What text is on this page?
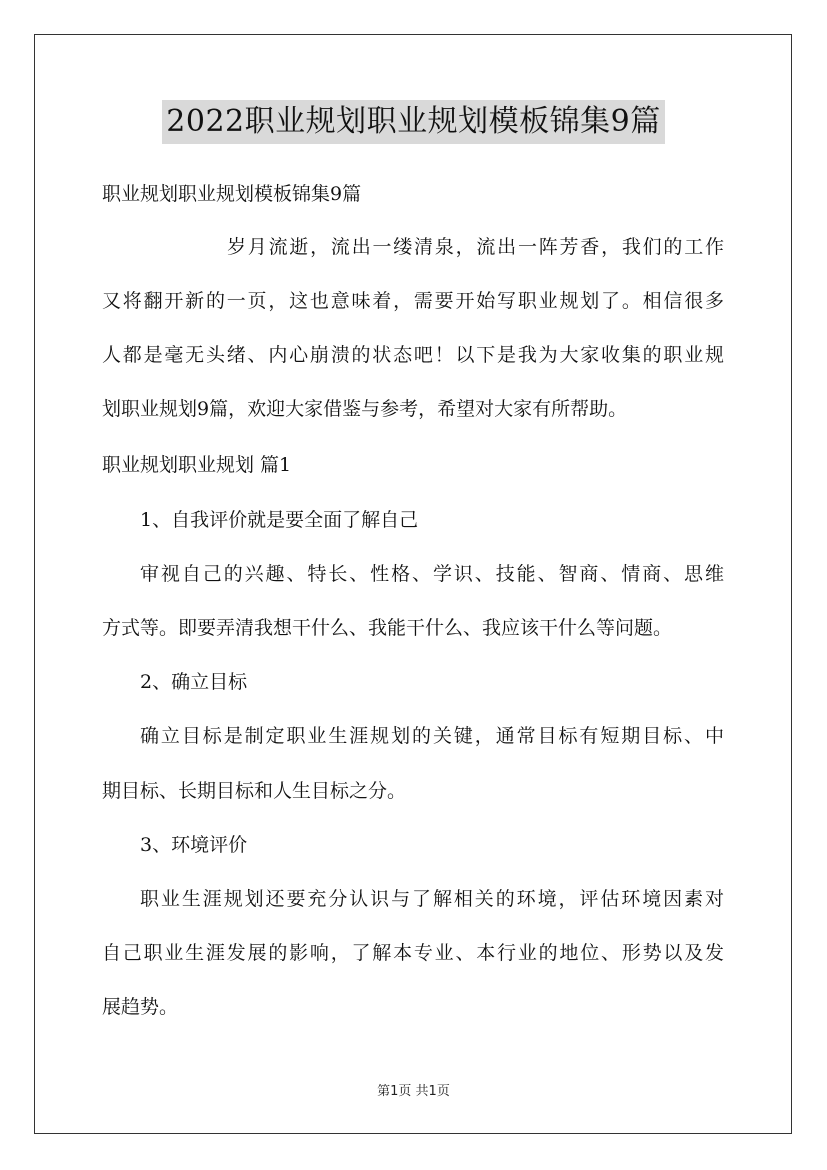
2022职业规划职业规划模板锦集9篇

职业规划职业规划模板锦集9篇

岁月流逝，流出一缕清泉，流出一阵芳香，我们的工作

又将翻开新的一页，这也意味着，需要开始写职业规划了。相信很多

人都是毫无头绪、内心崩溃的状态吧！以下是我为大家收集的职业规

划职业规划9篇，欢迎大家借鉴与参考，希望对大家有所帮助。

职业规划职业规划 篇1

1、自我评价就是要全面了解自己

审视自己的兴趣、特长、性格、学识、技能、智商、情商、思维

方式等。即要弄清我想干什么、我能干什么、我应该干什么等问题。

2、确立目标

确立目标是制定职业生涯规划的关键，通常目标有短期目标、中

期目标、长期目标和人生目标之分。

3、环境评价

职业生涯规划还要充分认识与了解相关的环境，评估环境因素对

自己职业生涯发展的影响，了解本专业、本行业的地位、形势以及发

展趋势。

第1页 共1页
